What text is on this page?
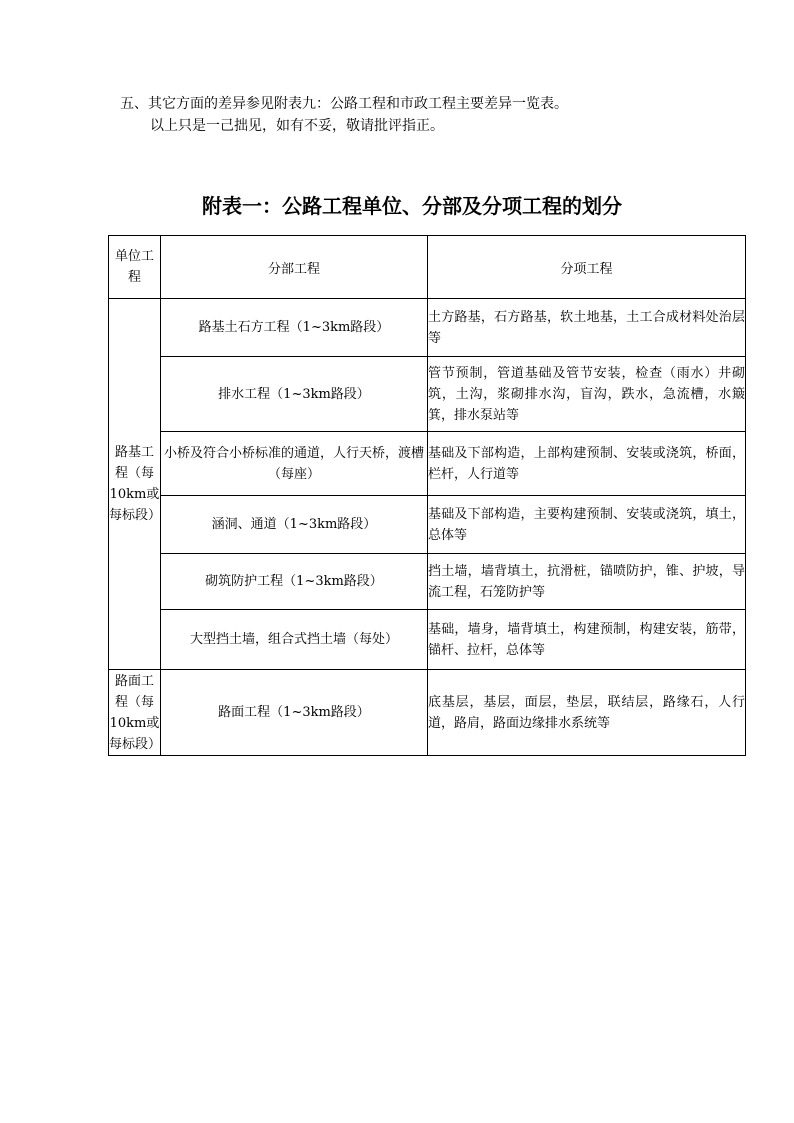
五、其它方面的差异参见附表九：公路工程和市政工程主要差异一览表。
以上只是一己拙见，如有不妥，敬请批评指正。
附表一：公路工程单位、分部及分项工程的划分
单位工程	分部工程	分项工程
路基工程（每10km或每标段）	路基土石方工程（1~3km路段）	土方路基，石方路基，软土地基，土工合成材料处治层等
	排水工程（1~3km路段）	管节预制，管道基础及管节安装，检查（雨水）井砌筑，土沟，浆砌排水沟，盲沟，跌水，急流槽，水簸箕，排水泵站等
	小桥及符合小桥标准的通道，人行天桥，渡槽（每座）	基础及下部构造，上部构建预制、安装或浇筑，桥面，栏杆，人行道等
	涵洞、通道（1~3km路段）	基础及下部构造，主要构建预制、安装或浇筑，填土，总体等
	砌筑防护工程（1~3km路段）	挡土墙，墙背填土，抗滑桩，锚喷防护，锥、护坡，导流工程，石笼防护等
	大型挡土墙，组合式挡土墙（每处）	基础，墙身，墙背填土，构建预制，构建安装，筋带，锚杆、拉杆，总体等
路面工程（每10km或每标段）	路面工程（1~3km路段）	底基层，基层，面层，垫层，联结层，路缘石，人行道，路肩，路面边缘排水系统等
